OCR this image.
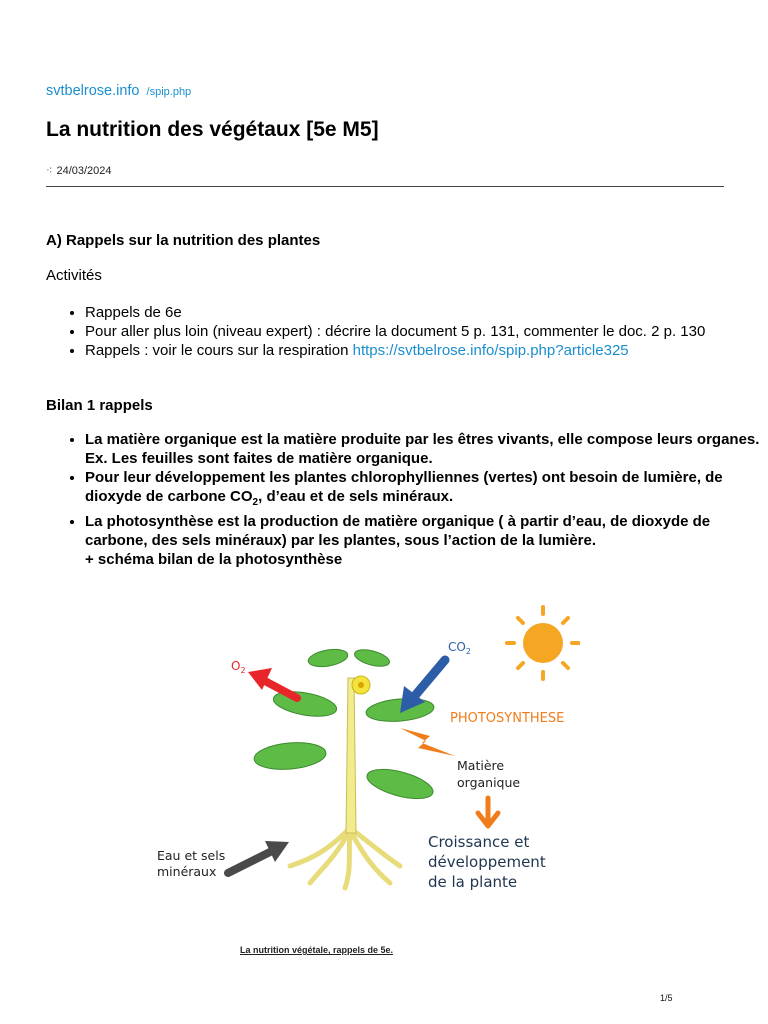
svtbelrose.info /spip.php
La nutrition des végétaux [5e M5]
⁖ 24/03/2024
A) Rappels sur la nutrition des plantes
Activités
• Rappels de 6e
• Pour aller plus loin (niveau expert) : décrire la document 5 p. 131, commenter le doc. 2 p. 130
• Rappels : voir le cours sur la respiration https://svtbelrose.info/spip.php?article325
Bilan 1 rappels
• La matière organique est la matière produite par les êtres vivants, elle compose leurs organes. Ex. Les feuilles sont faites de matière organique.
• Pour leur développement les plantes chlorophylliennes (vertes) ont besoin de lumière, de dioxyde de carbone $CO_2$, d’eau et de sels minéraux.
• La photosynthèse est la production de matière organique ( à partir d’eau, de dioxyde de carbone, des sels minéraux) par les plantes, sous l’action de la lumière.
+ schéma bilan de la photosynthèse
$O_2$
$CO_2$
PHOTOSYNTHESE
Matière organique
Croissance et développement de la plante
Eau et sels minéraux
La nutrition végétale, rappels de 5e.
1/5
